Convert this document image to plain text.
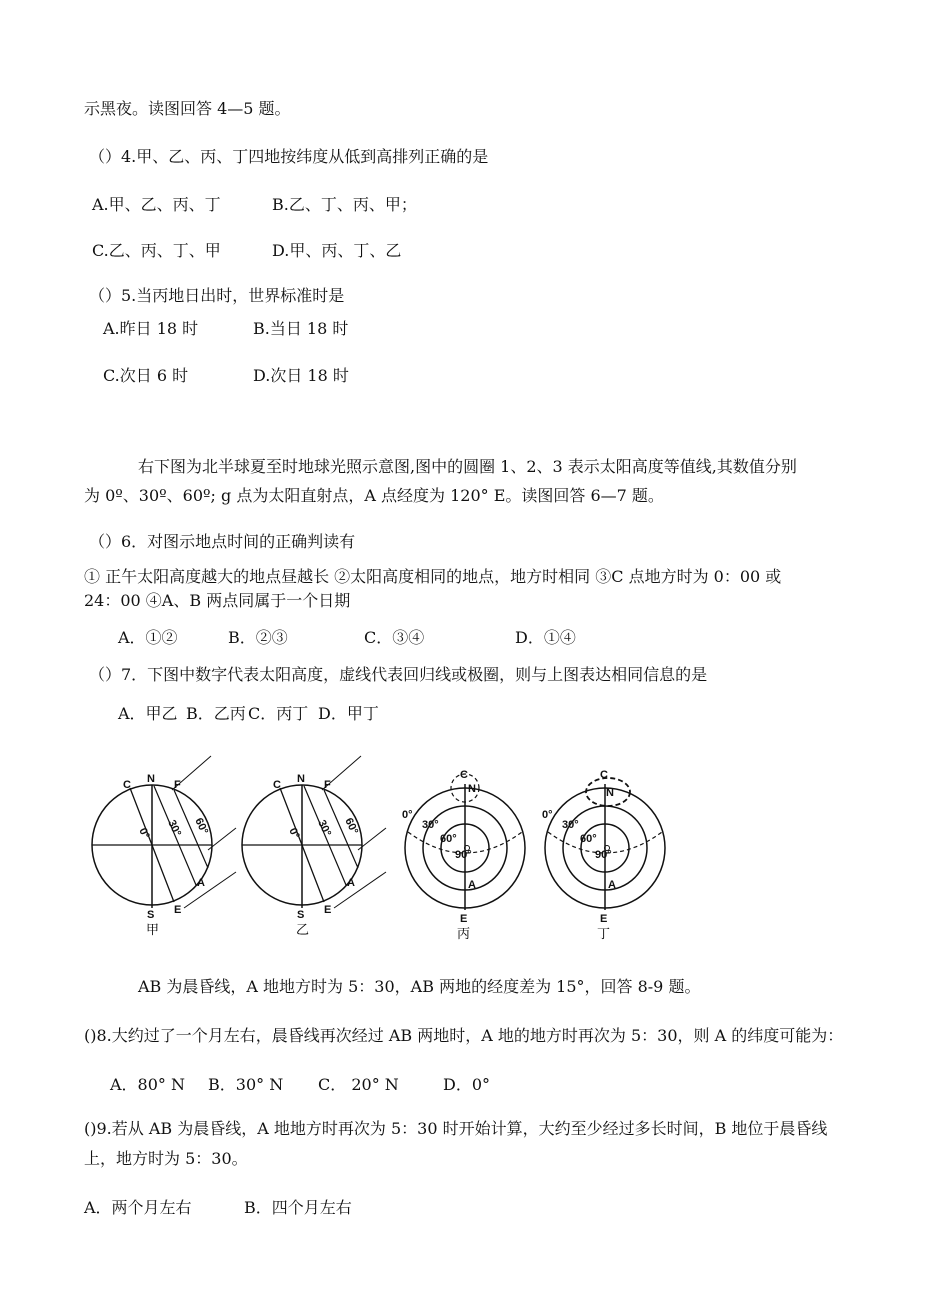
示黑夜。读图回答 4—5 题。
（）4.甲、乙、丙、丁四地按纬度从低到高排列正确的是
A.甲、乙、丙、丁	B.乙、丁、丙、甲；
C.乙、丙、丁、甲	D.甲、丙、丁、乙
（）5.当丙地日出时，世界标准时是
A.昨日 18 时	B.当日 18 时
C.次日 6 时	D.次日 18 时
右下图为北半球夏至时地球光照示意图,图中的圆圈 1、2、3 表示太阳高度等值线,其数值分别
为 0º、30º、60º; g 点为太阳直射点，A 点经度为 120° E。读图回答 6—7 题。
（）6．对图示地点时间的正确判读有
① 正午太阳高度越大的地点昼越长 ②太阳高度相同的地点，地方时相同 ③C 点地方时为 0：00 或
24：00 ④A、B 两点同属于一个日期
A．①②	B．②③	C．③④	D．①④
（）7．下图中数字代表太阳高度，虚线代表回归线或极圈，则与上图表达相同信息的是
A．甲乙 B．乙丙 C．丙丁 D．甲丁
C N F
0° 30° 60°
A
S E
甲
C N F
0° 30° 60°
A
S E
乙
C
N
0°
30°
60°
90°
A
E
丙
C
N
0°
30°
60°
90°
A
E
丁
AB 为晨昏线，A 地地方时为 5：30，AB 两地的经度差为 15°，回答 8-9 题。
()8.大约过了一个月左右，晨昏线再次经过 AB 两地时，A 地的地方时再次为 5：30，则 A 的纬度可能为：
A．80° N B．30° N C． 20° N	D．0°
()9.若从 AB 为晨昏线，A 地地方时再次为 5：30 时开始计算，大约至少经过多长时间，B 地位于晨昏线
上，地方时为 5：30。
A．两个月左右	B．四个月左右
